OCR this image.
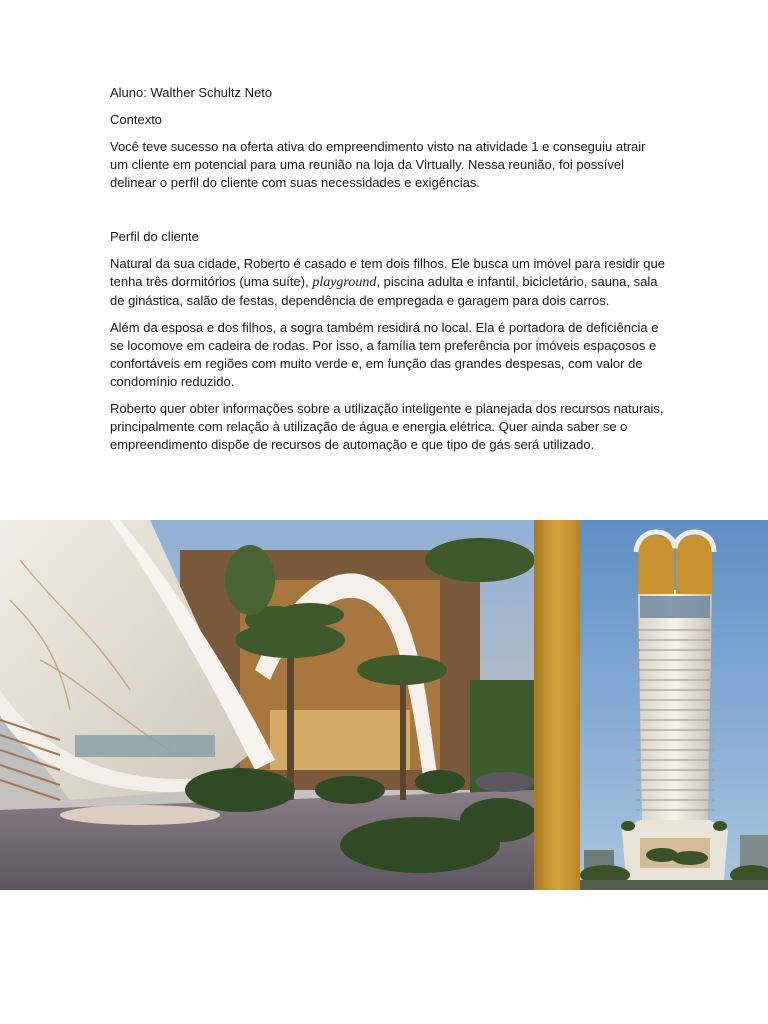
Aluno: Walther Schultz Neto

Contexto

Você teve sucesso na oferta ativa do empreendimento visto na atividade 1 e conseguiu atrair um cliente em potencial para uma reunião na loja da Virtually. Nessa reunião, foi possível delinear o perfil do cliente com suas necessidades e exigências.

Perfil do cliente

Natural da sua cidade, Roberto é casado e tem dois filhos. Ele busca um imóvel para residir que tenha três dormitórios (uma suíte), playground, piscina adulta e infantil, bicicletário, sauna, sala de ginástica, salão de festas, dependência de empregada e garagem para dois carros.

Além da esposa e dos filhos, a sogra também residirá no local. Ela é portadora de deficiência e se locomove em cadeira de rodas. Por isso, a família tem preferência por imóveis espaçosos e confortáveis em regiões com muito verde e, em função das grandes despesas, com valor de condomínio reduzido.

Roberto quer obter informações sobre a utilização inteligente e planejada dos recursos naturais, principalmente com relação à utilização de água e energia elétrica. Quer ainda saber se o empreendimento dispõe de recursos de automação e que tipo de gás será utilizado.
